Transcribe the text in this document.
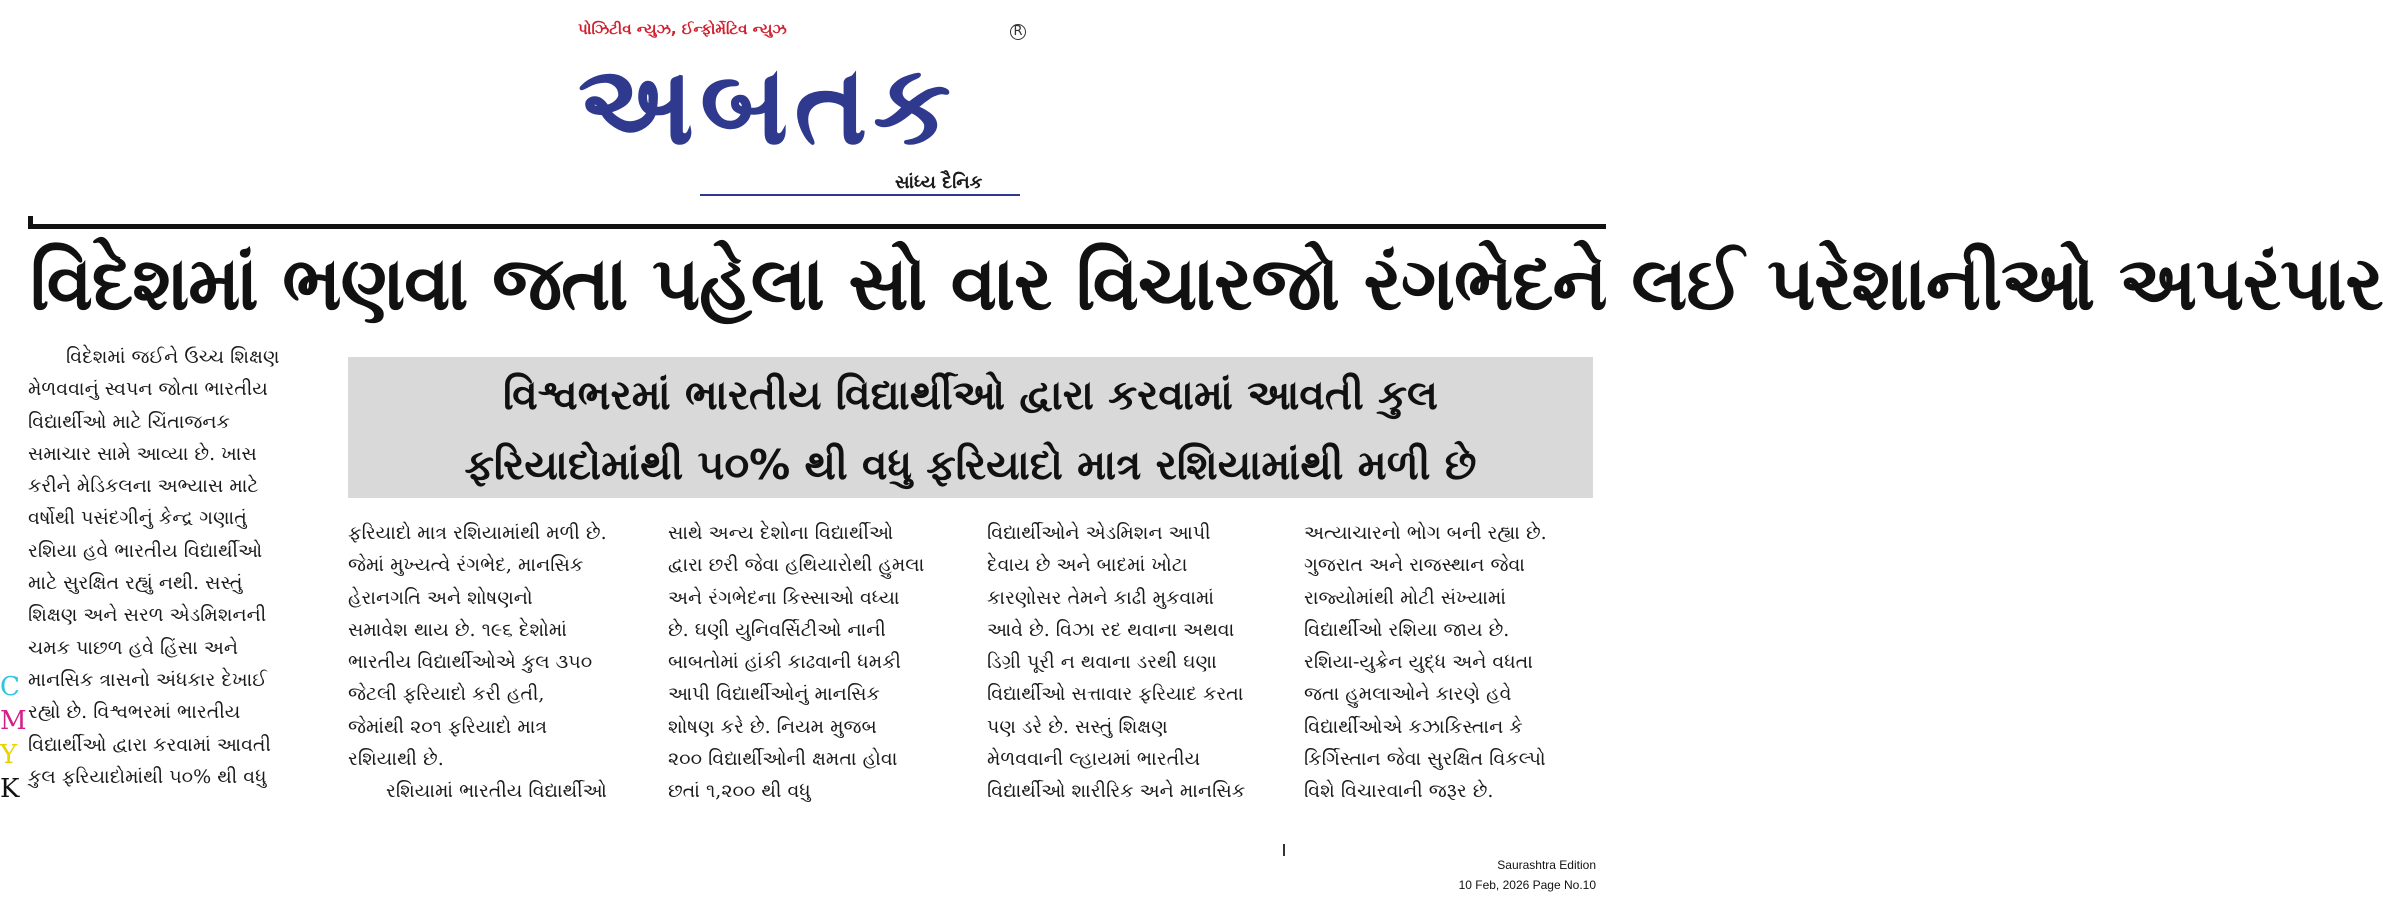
પોઝિટીવ ન્યુઝ, ઈન્ફોર્મેટિવ ન્યુઝ	R
અબતક
સાંધ્ય દૈનિક
વિદેશમાં ભણવા જતા પહેલા સો વાર વિચારજો રંગભેદને લઈ પરેશાનીઓ અપરંપાર

વિશ્વભરમાં ભારતીય વિદ્યાર્થીઓ દ્વારા કરવામાં આવતી કુલ

ફરિયાદોમાંથી ૫૦% થી વધુ ફરિયાદો માત્ર રશિયામાંથી મળી છે

વિદેશમાં જઈને ઉચ્ચ શિક્ષણ
મેળવવાનું સ્વપન જોતા ભારતીય
વિદ્યાર્થીઓ માટે ચિંતાજનક
સમાચાર સામે આવ્યા છે. ખાસ
કરીને મેડિકલના અભ્યાસ માટે
વર્ષોથી પસંદગીનું કેન્દ્ર ગણાતું
રશિયા હવે ભારતીય વિદ્યાર્થીઓ
માટે સુરક્ષિત રહ્યું નથી. સસ્તું
શિક્ષણ અને સરળ એડમિશનની
ચમક પાછળ હવે હિંસા અને
માનસિક ત્રાસનો અંધકાર દેખાઈ
રહ્યો છે. વિશ્વભરમાં ભારતીય
વિદ્યાર્થીઓ દ્વારા કરવામાં આવતી
કુલ ફરિયાદોમાંથી ૫૦% થી વધુ
ફરિયાદો માત્ર રશિયામાંથી મળી છે.
જેમાં મુખ્યત્વે રંગભેદ, માનસિક
હેરાનગતિ અને શોષણનો
સમાવેશ થાય છે. ૧૯૬ દેશોમાં
ભારતીય વિદ્યાર્થીઓએ કુલ ૩૫૦
જેટલી ફરિયાદો કરી હતી,
જેમાંથી ૨૦૧ ફરિયાદો માત્ર
રશિયાથી છે.
રશિયામાં ભારતીય વિદ્યાર્થીઓ
સાથે અન્ય દેશોના વિદ્યાર્થીઓ
દ્વારા છરી જેવા હથિયારોથી હુમલા
અને રંગભેદના કિસ્સાઓ વધ્યા
છે. ઘણી યુનિવર્સિટીઓ નાની
બાબતોમાં હાંકી કાઢવાની ધમકી
આપી વિદ્યાર્થીઓનું માનસિક
શોષણ કરે છે. નિયમ મુજબ
૨૦૦ વિદ્યાર્થીઓની ક્ષમતા હોવા
છતાં ૧,૨૦૦ થી વધુ
વિદ્યાર્થીઓને એડમિશન આપી
દેવાય છે અને બાદમાં ખોટા
કારણોસર તેમને કાઢી મુકવામાં
આવે છે. વિઝા રદ થવાના અથવા
ડિગ્રી પૂરી ન થવાના ડરથી ઘણા
વિદ્યાર્થીઓ સત્તાવાર ફરિયાદ કરતા
પણ ડરે છે. સસ્તું શિક્ષણ
મેળવવાની લ્હાયમાં ભારતીય
વિદ્યાર્થીઓ શારીરિક અને માનસિક
અત્યાચારનો ભોગ બની રહ્યા છે.
ગુજરાત અને રાજસ્થાન જેવા
રાજ્યોમાંથી મોટી સંખ્યામાં
વિદ્યાર્થીઓ રશિયા જાય છે.
રશિયા-યુક્રેન યુદ્ધ અને વધતા
જતા હુમલાઓને કારણે હવે
વિદ્યાર્થીઓએ કઝાકિસ્તાન કે
કિર્ગિસ્તાન જેવા સુરક્ષિત વિકલ્પો
વિશે વિચારવાની જરૂર છે.
C
M
Y
K
Saurashtra Edition
10 Feb, 2026 Page No.10
